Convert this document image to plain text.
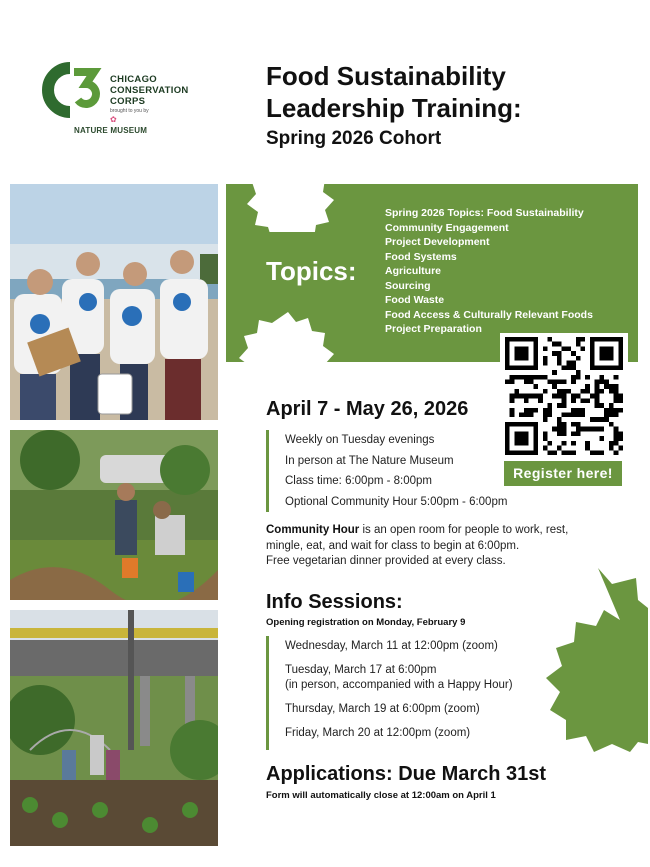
CHICAGO
CONSERVATION
CORPS
brought to you by
✿
NATURE MUSEUM
Food Sustainability
Leadership Training:
Spring 2026 Cohort
Topics:
Spring 2026 Topics: Food Sustainability
Community Engagement
Project Development
Food Systems
Agriculture
Sourcing
Food Waste
Food Access & Culturally Relevant Foods
Project Preparation
Register here!
April 7 - May 26, 2026
Weekly on Tuesday evenings
In person at The Nature Museum
Class time: 6:00pm - 8:00pm
Optional Community Hour 5:00pm - 6:00pm
Community Hour is an open room for people to work, rest, mingle, eat, and wait for class to begin at 6:00pm.
Free vegetarian dinner provided at every class.
Info Sessions:
Opening registration on Monday, February 9
Wednesday, March 11 at 12:00pm (zoom)
Tuesday, March 17 at 6:00pm
(in person, accompanied with a Happy Hour)
Thursday, March 19 at 6:00pm (zoom)
Friday, March 20 at 12:00pm (zoom)
Applications: Due March 31st
Form will automatically close at 12:00am on April 1
